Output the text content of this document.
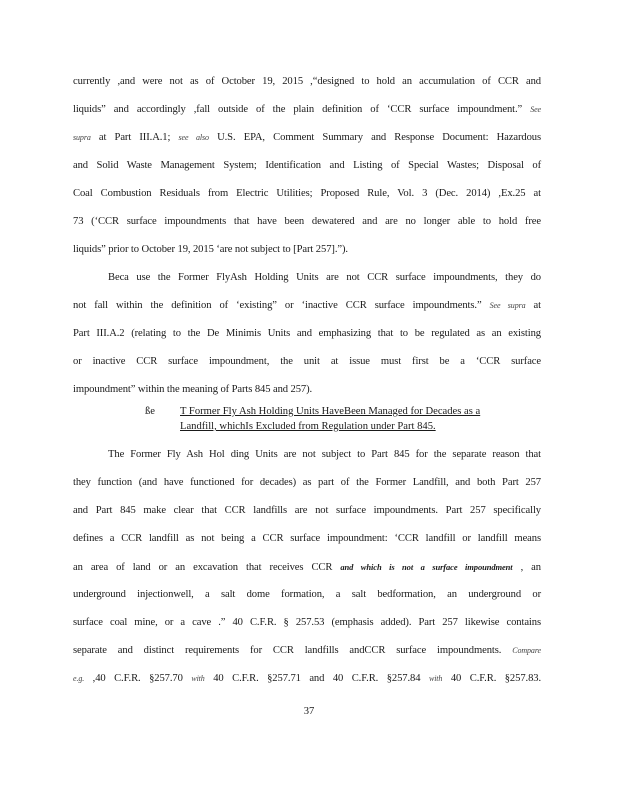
currently ,and were not as of October 19, 2015 ,“designed to hold an accumulation of CCR and
liquids” and accordingly ,fall outside of the plain definition of ‘CCR surface impoundment.” See
supra at Part III.A.1; see also U.S. EPA, Comment Summary and Response Document: Hazardous
and Solid Waste Management System; Identification and Listing of Special Wastes; Disposal of
Coal Combustion Residuals from Electric Utilities; Proposed Rule, Vol. 3 (Dec. 2014) ,Ex.25 at
73 (‘CCR surface impoundments that have been dewatered and are no longer able to hold free
liquids” prior to October 19, 2015 ‘are not subject to [Part 257].”).
Beca use the Former FlyAsh Holding Units are not CCR surface impoundments, they do
not fall within the definition of ‘existing” or ‘inactive CCR surface impoundments.” See supra at
Part III.A.2 (relating to the De Minimis Units and emphasizing that to be regulated as an existing
or inactive CCR surface impoundment, the unit at issue must first be a ‘CCR surface
impoundment” within the meaning of Parts 845 and 257).
The Former Fly Ash Hol ding Units are not subject to Part 845 for the separate reason that
they function (and have functioned for decades) as part of the Former Landfill, and both Part 257
and Part 845 make clear that CCR landfills are not surface impoundments. Part 257 specifically
defines a CCR landfill as not being a CCR surface impoundment: ‘CCR landfill or landfill means
an area of land or an excavation that receives CCR and which is not a surface impoundment , an
underground injectionwell, a salt dome formation, a salt bedformation, an underground or
surface coal mine, or a cave .” 40 C.F.R. § 257.53 (emphasis added). Part 257 likewise contains
separate and distinct requirements for CCR landfills andCCR surface impoundments. Compare
e.g. ,40 C.F.R. §257.70 with 40 C.F.R. §257.71 and 40 C.F.R. §257.84 with 40 C.F.R. §257.83.
ße T Former Fly Ash Holding Units HaveBeen Managed for Decades as a
Landfill, whichIs Excluded from Regulation under Part 845.
37
